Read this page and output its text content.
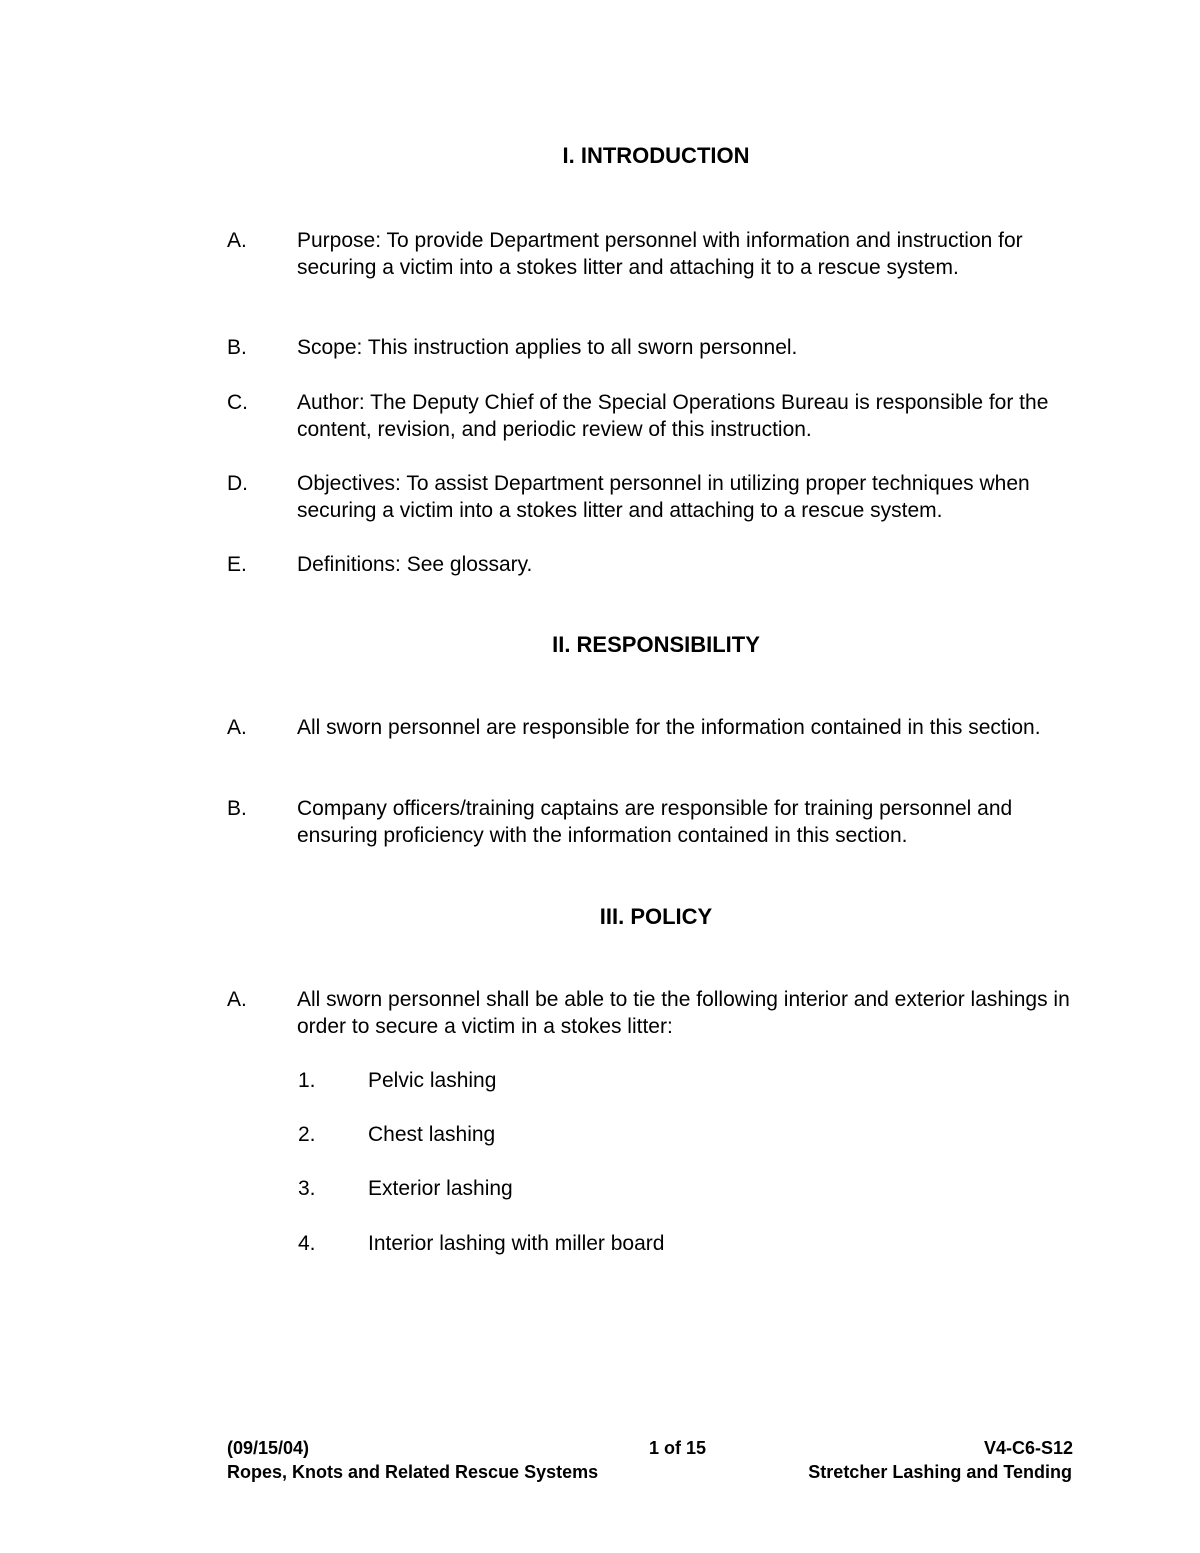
I. INTRODUCTION
A. Purpose: To provide Department personnel with information and instruction for securing a victim into a stokes litter and attaching it to a rescue system.
B. Scope: This instruction applies to all sworn personnel.
C. Author: The Deputy Chief of the Special Operations Bureau is responsible for the content, revision, and periodic review of this instruction.
D. Objectives: To assist Department personnel in utilizing proper techniques when securing a victim into a stokes litter and attaching to a rescue system.
E. Definitions: See glossary.
II. RESPONSIBILITY
A. All sworn personnel are responsible for the information contained in this section.
B. Company officers/training captains are responsible for training personnel and ensuring proficiency with the information contained in this section.
III. POLICY
A. All sworn personnel shall be able to tie the following interior and exterior lashings in order to secure a victim in a stokes litter:
1. Pelvic lashing
2. Chest lashing
3. Exterior lashing
4. Interior lashing with miller board
(09/15/04)	1 of 15	V4-C6-S12
Ropes, Knots and Related Rescue Systems	Stretcher Lashing and Tending
